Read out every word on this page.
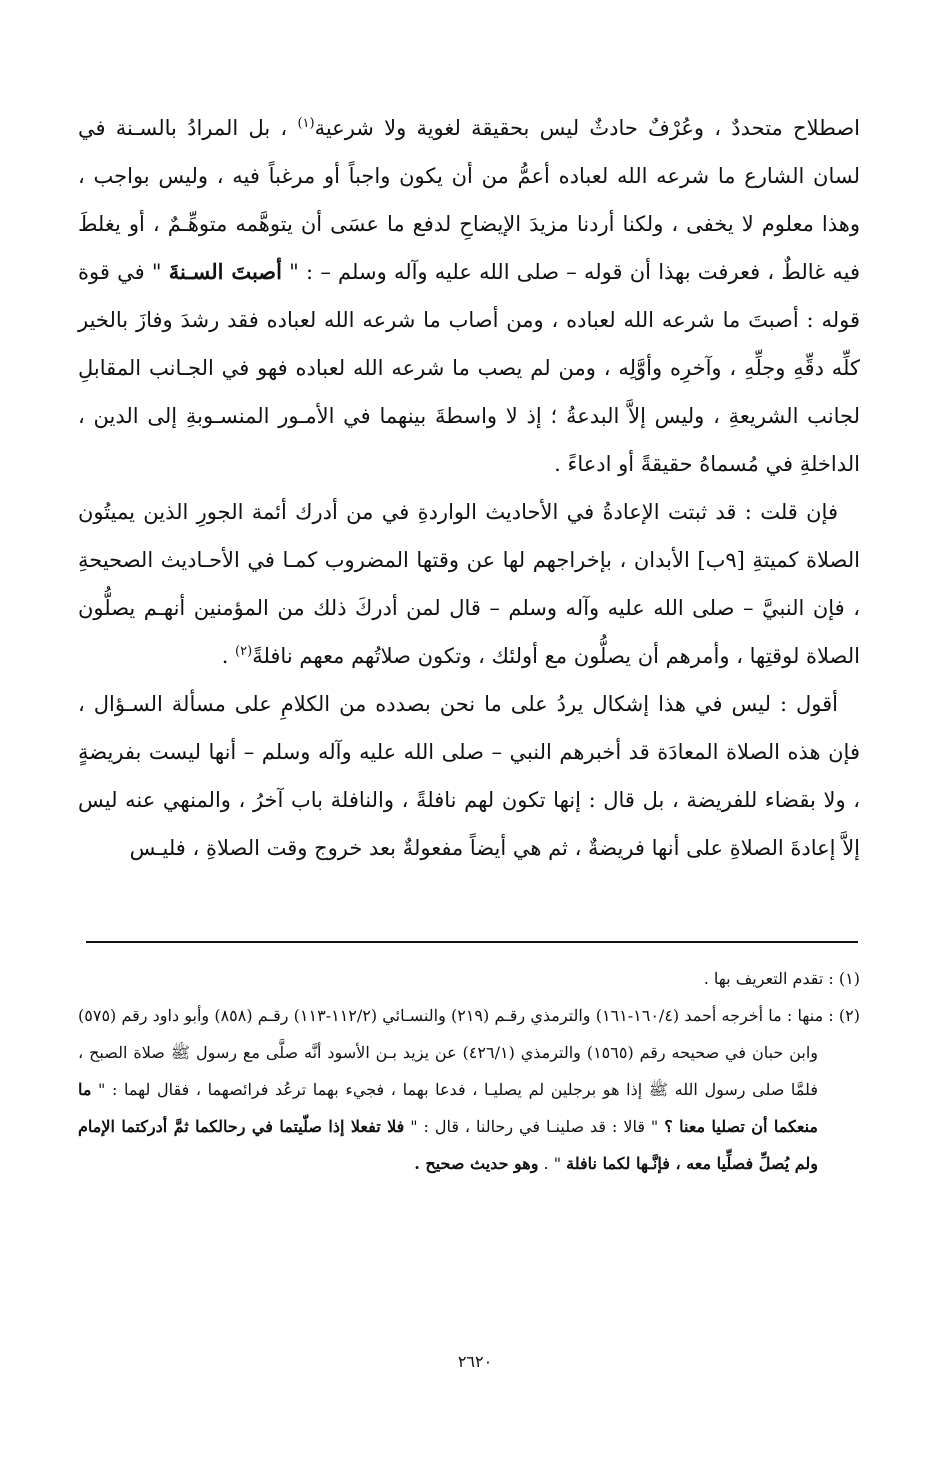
اصطلاح متحددٌ ، وعُرْفٌ حادثٌ ليس بحقيقة لغوية ولا شرعية$^{(١)}$ ، بل المرادُ بالسـنة في لسان الشارع ما شرعه الله لعباده أعمُّ من أن يكون واجباً أو مرغباً فيه ، وليس بواجب ، وهذا معلوم لا يخفى ، ولكنا أردنا مزيدَ الإيضاحِ لدفع ما عسَى أن يتوهَّمه متوهِّـمٌ ، أو يغلطَ فيه غالطٌ ، فعرفت بهذا أن قوله – صلى الله عليه وآله وسلم – : " أصبتَ السـنةَ " في قوة قوله : أصبتَ ما شرعه الله لعباده ، ومن أصاب ما شرعه الله لعباده فقد رشدَ وفازَ بالخير كلِّه دقِّهِ وجلِّهِ ، وآخرِه وأوَّلِه ، ومن لم يصب ما شرعه الله لعباده فهو في الجـانب المقابلِ لجانب الشريعةِ ، وليس إلاَّ البدعةُ ؛ إذ لا واسطةَ بينهما في الأمـور المنسـوبةِ إلى الدين ، الداخلةِ في مُسماهُ حقيقةً أو ادعاءً .

فإن قلت : قد ثبتت الإعادةُ في الأحاديث الواردةِ في من أدرك أئمة الجورِ الذين يميتُون الصلاة كميتةِ [٩ب] الأبدان ، بإخراجهم لها عن وقتها المضروب كمـا في الأحـاديث الصحيحةِ ، فإن النبيَّ – صلى الله عليه وآله وسلم – قال لمن أدركَ ذلك من المؤمنين أنهـم يصلُّون الصلاة لوقتِها ، وأمرهم أن يصلُّون مع أولئك ، وتكون صلاتُهم معهم نافلةً$^{(٢)}$ .

أقول : ليس في هذا إشكال يردُ على ما نحن بصدده من الكلامِ على مسألة السـؤال ، فإن هذه الصلاة المعادَة قد أخبرهم النبي – صلى الله عليه وآله وسلم – أنها ليست بفريضةٍ ، ولا بقضاء للفريضة ، بل قال : إنها تكون لهم نافلةً ، والنافلة باب آخرُ ، والمنهي عنه ليس إلاَّ إعادةَ الصلاةِ على أنها فريضةٌ ، ثم هي أيضاً مفعولةٌ بعد خروج وقت الصلاةِ ، فليـس

(١) : تقدم التعريف بها .

(٢) : منها : ما أخرجه أحمد (١٦٠/٤-١٦١) والترمذي رقـم (٢١٩) والنسـائي (١١٢/٢-١١٣) رقـم (٨٥٨) وأبو داود رقم (٥٧٥) وابن حبان في صحيحه رقم (١٥٦٥) والترمذي (٤٢٦/١) عن يزيد بـن الأسود أنَّه صلَّى مع رسول ﷺ صلاة الصبح ، فلمَّا صلى رسول الله ﷺ إذا هو برجلين لم يصليـا ، فدعا بهما ، فجيء بهما ترعُد فرائصهما ، فقال لهما : " ما منعكما أن تصليا معنا ؟ " قالا : قد صلينـا في رحالنا ، قال : " فلا تفعلا إذا صلّيتما في رحالكما ثمَّ أدركتما الإمام ولم يُصلِّ فصلِّيا معه ، فإنَّـها لكما نافلة " . وهو حديث صحيح .

٢٦٢٠
